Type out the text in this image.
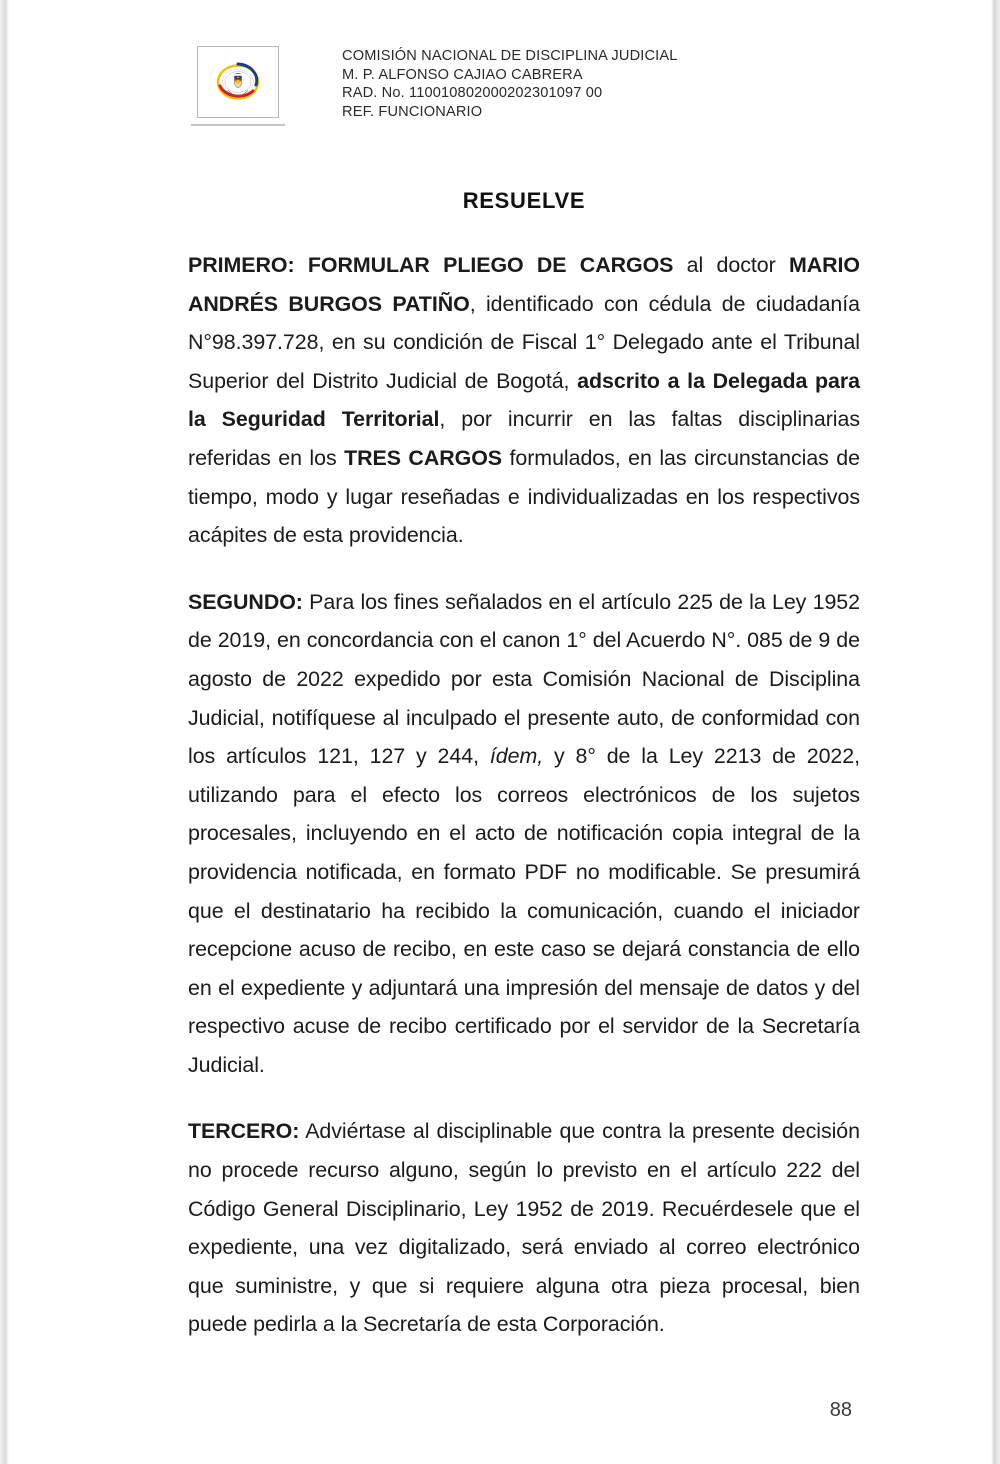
COMISIÓN NACIONAL DE DISCIPLINA JUDICIAL
M. P. ALFONSO CAJIAO CABRERA
RAD. No. 110010802000202301097 00
REF. FUNCIONARIO
RESUELVE

PRIMERO: FORMULAR PLIEGO DE CARGOS al doctor MARIO ANDRÉS BURGOS PATIÑO, identificado con cédula de ciudadanía N°98.397.728, en su condición de Fiscal 1° Delegado ante el Tribunal Superior del Distrito Judicial de Bogotá, adscrito a la Delegada para la Seguridad Territorial, por incurrir en las faltas disciplinarias referidas en los TRES CARGOS formulados, en las circunstancias de tiempo, modo y lugar reseñadas e individualizadas en los respectivos acápites de esta providencia.

SEGUNDO: Para los fines señalados en el artículo 225 de la Ley 1952 de 2019, en concordancia con el canon 1° del Acuerdo N°. 085 de 9 de agosto de 2022 expedido por esta Comisión Nacional de Disciplina Judicial, notifíquese al inculpado el presente auto, de conformidad con los artículos 121, 127 y 244, ídem, y 8° de la Ley 2213 de 2022, utilizando para el efecto los correos electrónicos de los sujetos procesales, incluyendo en el acto de notificación copia integral de la providencia notificada, en formato PDF no modificable. Se presumirá que el destinatario ha recibido la comunicación, cuando el iniciador recepcione acuso de recibo, en este caso se dejará constancia de ello en el expediente y adjuntará una impresión del mensaje de datos y del respectivo acuse de recibo certificado por el servidor de la Secretaría Judicial.

TERCERO: Adviértase al disciplinable que contra la presente decisión no procede recurso alguno, según lo previsto en el artículo 222 del Código General Disciplinario, Ley 1952 de 2019. Recuérdesele que el expediente, una vez digitalizado, será enviado al correo electrónico que suministre, y que si requiere alguna otra pieza procesal, bien puede pedirla a la Secretaría de esta Corporación.

88
